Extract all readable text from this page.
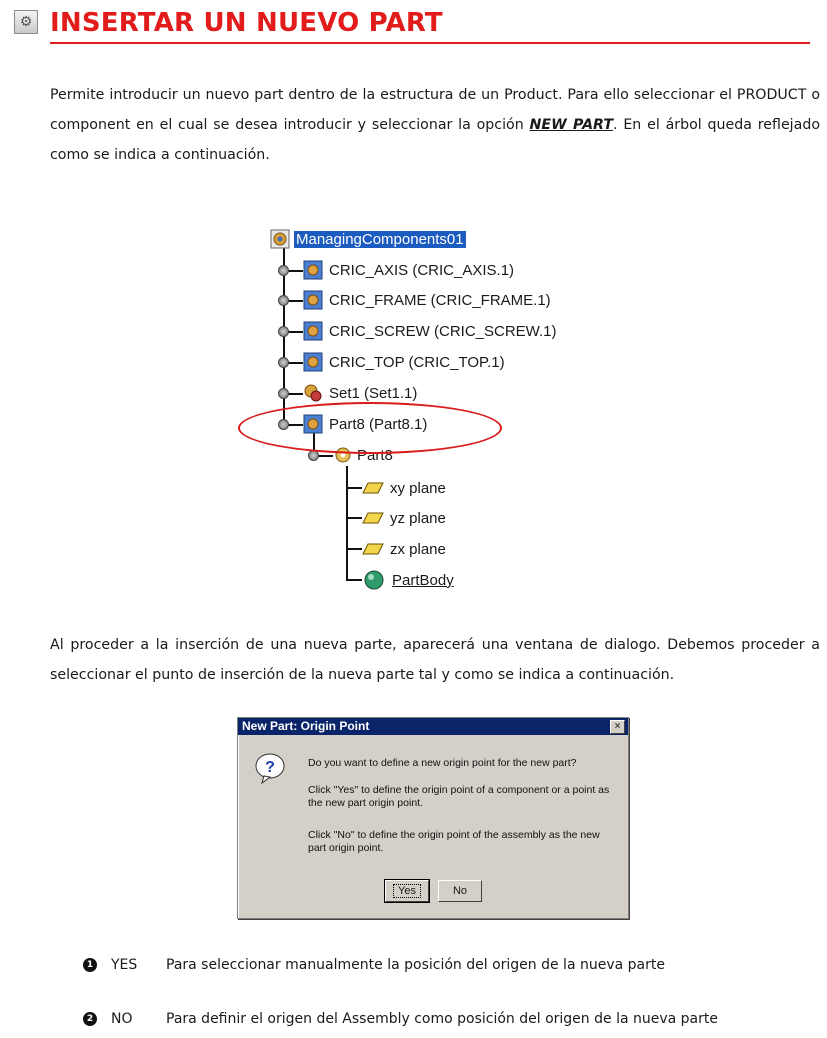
⚙ INSERTAR UN NUEVO PART

Permite introducir un nuevo part dentro de la estructura de un Product. Para ello seleccionar el PRODUCT o component en el cual se desea introducir y seleccionar la opción NEW PART. En el árbol queda reflejado como se indica a continuación.

ManagingComponents01
CRIC_AXIS (CRIC_AXIS.1)
CRIC_FRAME (CRIC_FRAME.1)
CRIC_SCREW (CRIC_SCREW.1)
CRIC_TOP (CRIC_TOP.1)
Set1 (Set1.1)
Part8 (Part8.1)
Part8
xy plane
yz plane
zx plane
PartBody

Al proceder a la inserción de una nueva parte, aparecerá una ventana de dialogo. Debemos proceder a seleccionar el punto de inserción de la nueva parte tal y como se indica a continuación.

New Part: Origin Point	×
?	Do you want to define a new origin point for the new part?
Click "Yes" to define the origin point of a component or a point as the new part origin point.
Click "No" to define the origin point of the assembly as the new part origin point.
Yes	No
1 YES	Para seleccionar manualmente la posición del origen de la nueva parte
2 NO	Para definir el origen del Assembly como posición del origen de la nueva parte
